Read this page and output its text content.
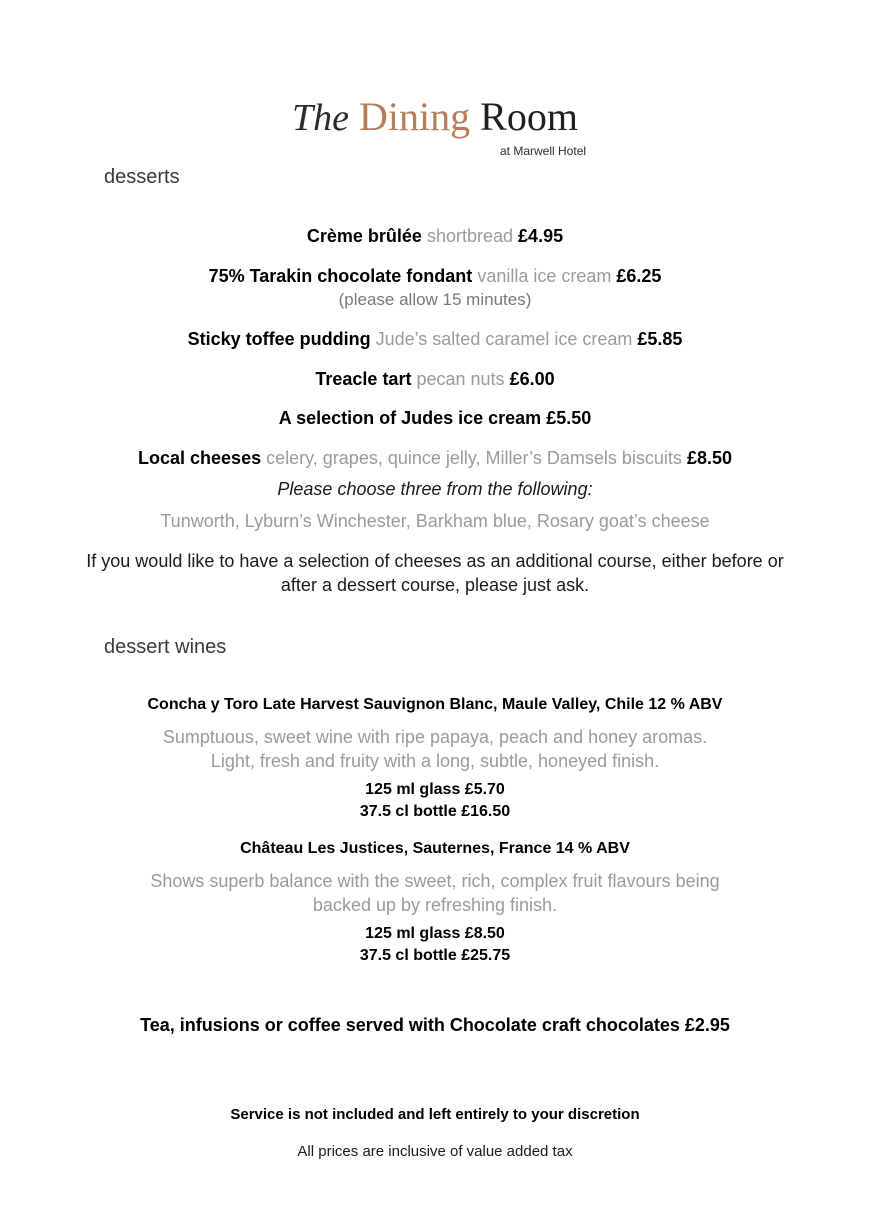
The Dining Room
at Marwell Hotel
desserts
Crème brûlée shortbread £4.95
75% Tarakin chocolate fondant vanilla ice cream £6.25
(please allow 15 minutes)
Sticky toffee pudding Jude’s salted caramel ice cream £5.85
Treacle tart pecan nuts £6.00
A selection of Judes ice cream £5.50
Local cheeses celery, grapes, quince jelly, Miller’s Damsels biscuits £8.50
Please choose three from the following:
Tunworth, Lyburn’s Winchester, Barkham blue, Rosary goat’s cheese
If you would like to have a selection of cheeses as an additional course, either before or
after a dessert course, please just ask.
dessert wines
Concha y Toro Late Harvest Sauvignon Blanc, Maule Valley, Chile 12 % ABV
Sumptuous, sweet wine with ripe papaya, peach and honey aromas.
Light, fresh and fruity with a long, subtle, honeyed finish.
125 ml glass £5.70
37.5 cl bottle £16.50
Château Les Justices, Sauternes, France 14 % ABV
Shows superb balance with the sweet, rich, complex fruit flavours being
backed up by refreshing finish.
125 ml glass £8.50
37.5 cl bottle £25.75
Tea, infusions or coffee served with Chocolate craft chocolates £2.95
Service is not included and left entirely to your discretion
All prices are inclusive of value added tax
